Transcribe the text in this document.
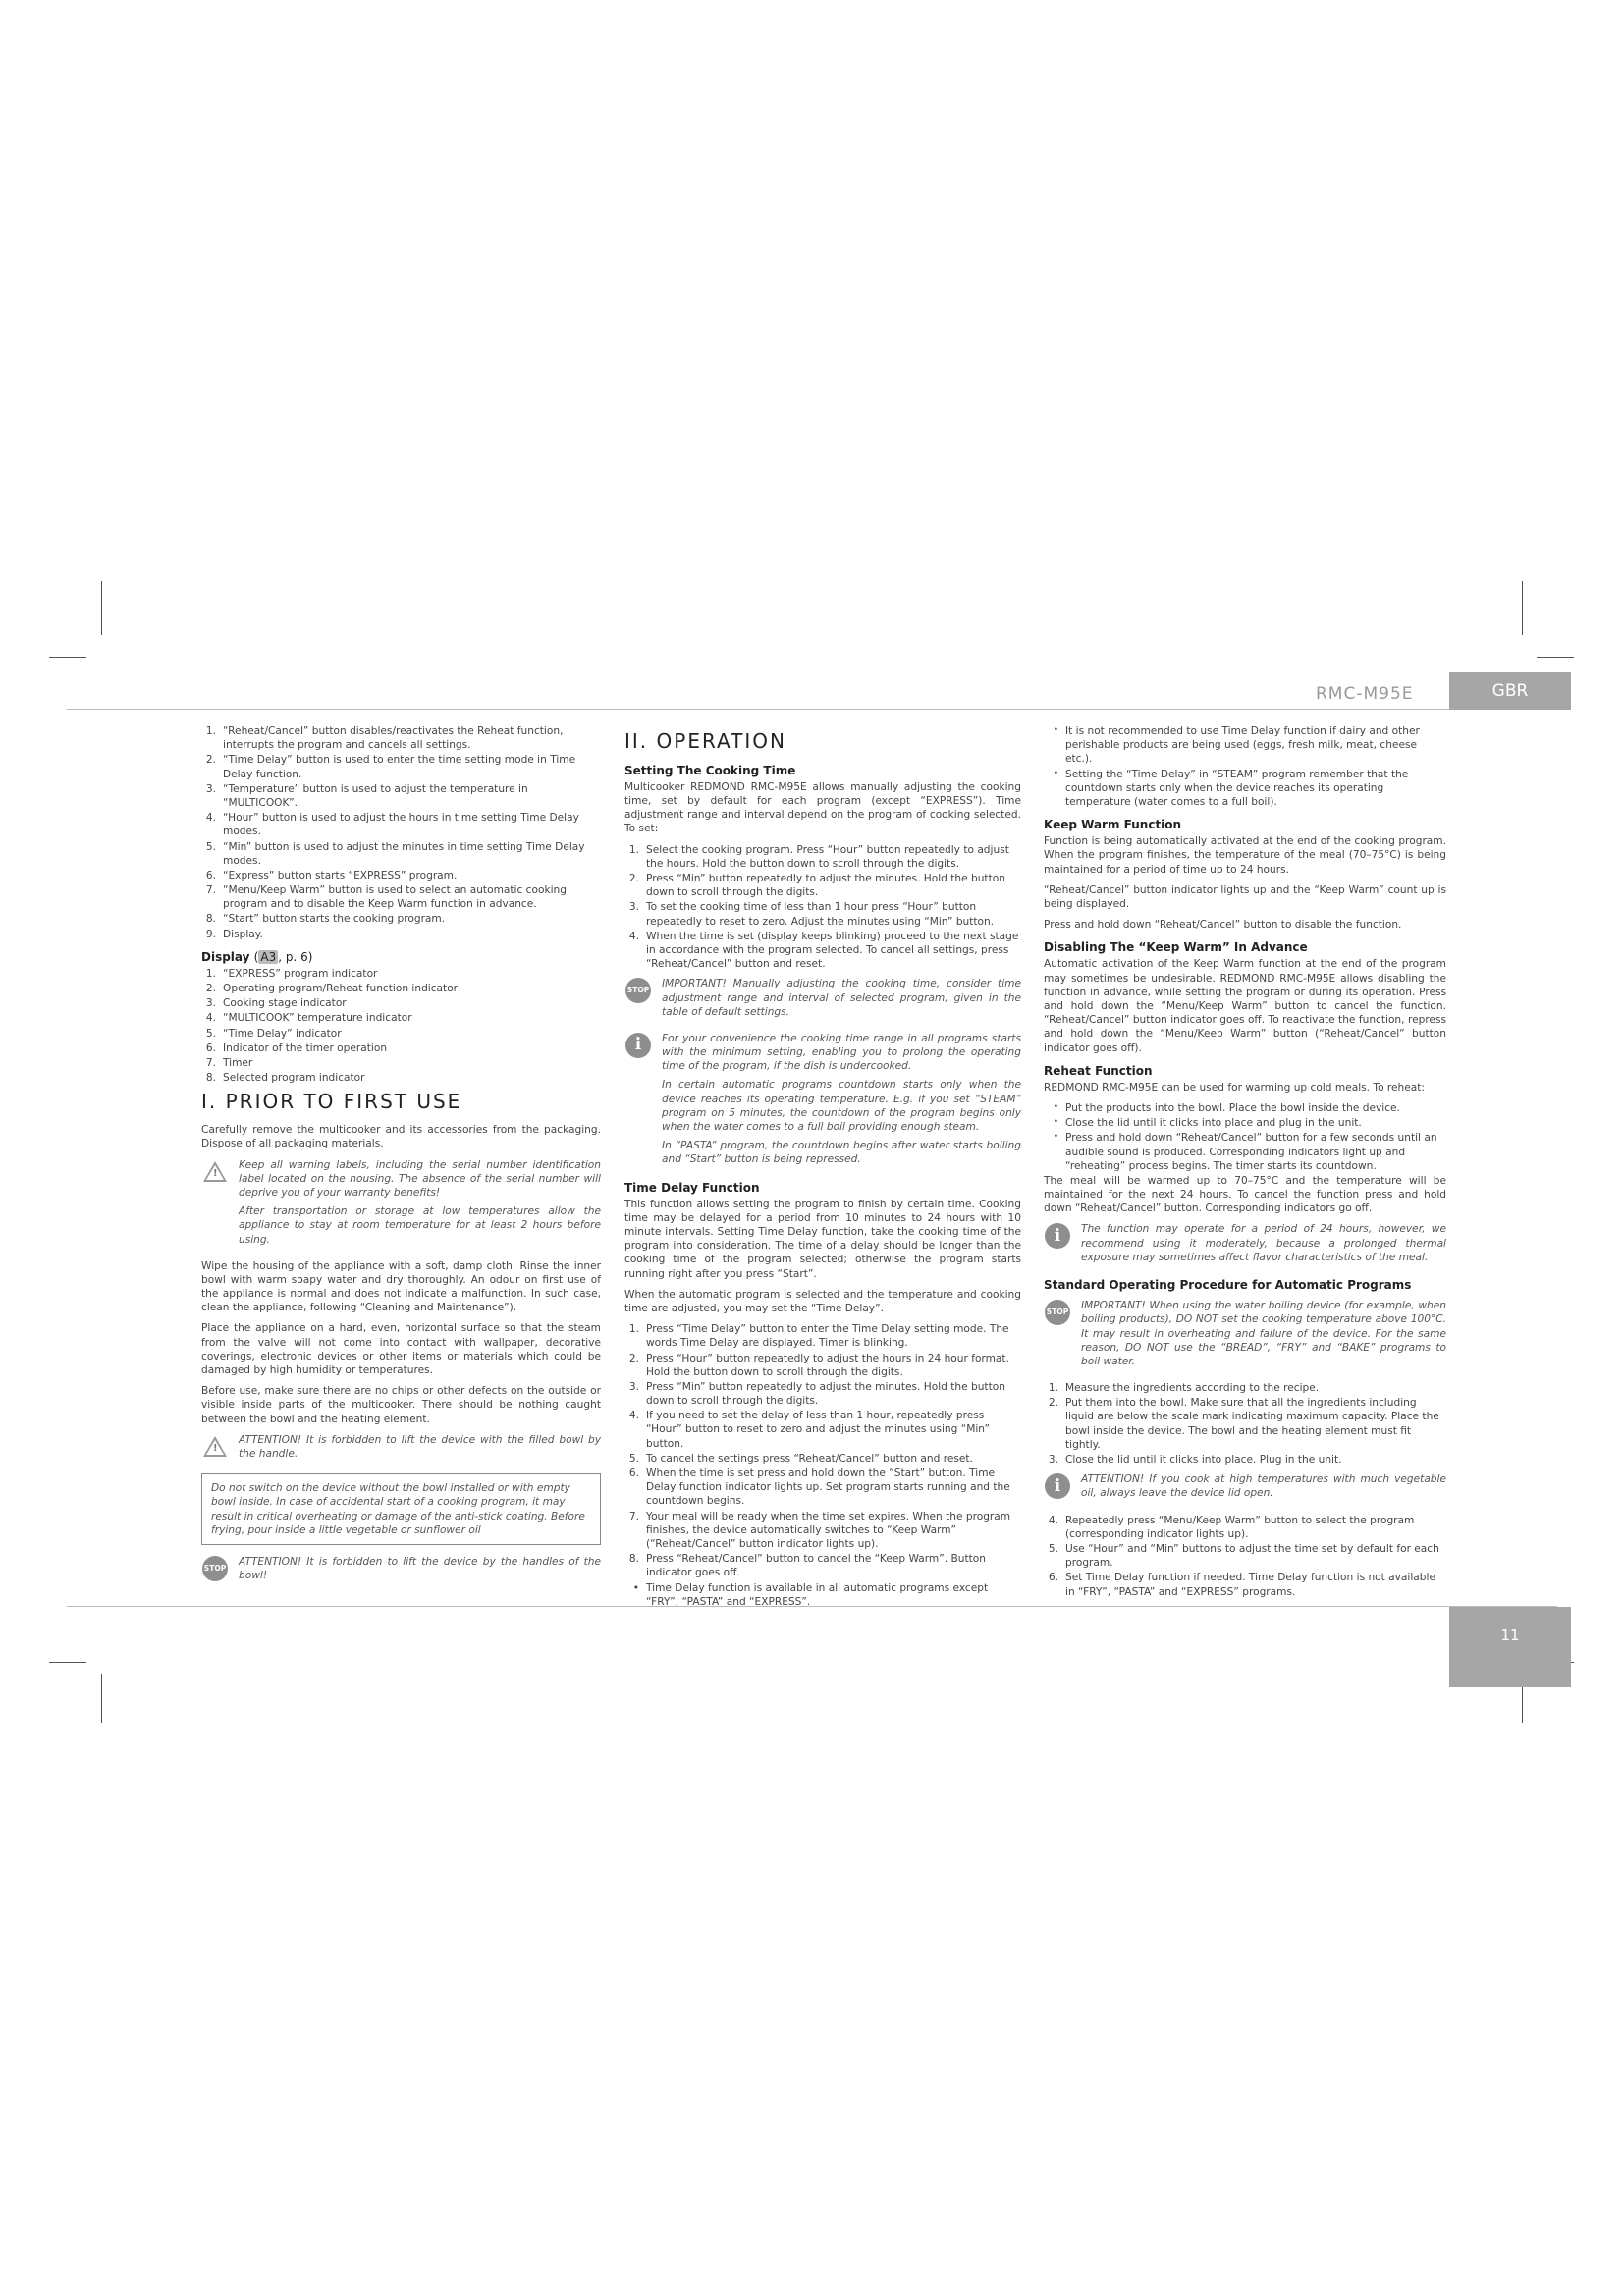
RMC-M95E	GBR
11
1. “Reheat/Cancel” button disables/reactivates the Reheat function, interrupts the program and cancels all settings.
2. “Time Delay” button is used to enter the time setting mode in Time Delay function.
3. “Temperature” button is used to adjust the temperature in “MULTICOOK”.
4. “Hour” button is used to adjust the hours in time setting Time Delay modes.
5. “Min” button is used to adjust the minutes in time setting Time Delay modes.
6. “Express” button starts “EXPRESS” program.
7. “Menu/Keep Warm” button is used to select an automatic cooking program and to disable the Keep Warm function in advance.
8. “Start” button starts the cooking program.
9. Display.
Display ( A3 , p. 6)
1. “EXPRESS” program indicator
2. Operating program/Reheat function indicator
3. Cooking stage indicator
4. “MULTICOOK” temperature indicator
5. “Time Delay” indicator
6. Indicator of the timer operation
7. Timer
8. Selected program indicator
I. PRIOR TO FIRST USE

Carefully remove the multicooker and its accessories from the packaging. Dispose of all packaging materials.

!

Keep all warning labels, including the serial number identification label located on the housing. The absence of the serial number will deprive you of your warranty benefits!

After transportation or storage at low temperatures allow the appliance to stay at room temperature for at least 2 hours before using.

Wipe the housing of the appliance with a soft, damp cloth. Rinse the inner bowl with warm soapy water and dry thoroughly. An odour on first use of the appliance is normal and does not indicate a malfunction. In such case, clean the appliance, following “Cleaning and Maintenance”).

Place the appliance on a hard, even, horizontal surface so that the steam from the valve will not come into contact with wallpaper, decorative coverings, electronic devices or other items or materials which could be damaged by high humidity or temperatures.

Before use, make sure there are no chips or other defects on the outside or visible inside parts of the multicooker. There should be nothing caught between the bowl and the heating element.

!

ATTENTION! It is forbidden to lift the device with the filled bowl by the handle.

Do not switch on the device without the bowl installed or with empty bowl inside. In case of accidental start of a cooking program, it may result in critical overheating or damage of the anti-stick coating. Before frying, pour inside a little vegetable or sunflower oil
STOP

ATTENTION! It is forbidden to lift the device by the handles of the bowl!

II. OPERATION
Setting The Cooking Time

Multicooker REDMOND RMC-M95E allows manually adjusting the cooking time, set by default for each program (except “EXPRESS”). Time adjustment range and interval depend on the program of cooking selected. To set:

1. Select the cooking program. Press “Hour” button repeatedly to adjust the hours. Hold the button down to scroll through the digits.
2. Press “Min” button repeatedly to adjust the minutes. Hold the button down to scroll through the digits.
3. To set the cooking time of less than 1 hour press “Hour” button repeatedly to reset to zero. Adjust the minutes using “Min” button.
4. When the time is set (display keeps blinking) proceed to the next stage in accordance with the program selected. To cancel all settings, press “Reheat/Cancel” button and reset.
STOP

IMPORTANT! Manually adjusting the cooking time, consider time adjustment range and interval of selected program, given in the table of default settings.

i	For your convenience the cooking time range in all programs starts with the minimum setting, enabling you to prolong the operating time of the program, if the dish is undercooked.

In certain automatic programs countdown starts only when the device reaches its operating temperature. E.g. if you set “STEAM” program on 5 minutes, the countdown of the program begins only when the water comes to a full boil providing enough steam.

In “PASTA” program, the countdown begins after water starts boiling and “Start” button is being repressed.

Time Delay Function

This function allows setting the program to finish by certain time. Cooking time may be delayed for a period from 10 minutes to 24 hours with 10 minute intervals. Setting Time Delay function, take the cooking time of the program into consideration. The time of a delay should be longer than the cooking time of the program selected; otherwise the program starts running right after you press “Start”.

When the automatic program is selected and the temperature and cooking time are adjusted, you may set the “Time Delay”.

1. Press “Time Delay” button to enter the Time Delay setting mode. The words Time Delay are displayed. Timer is blinking.
2. Press “Hour” button repeatedly to adjust the hours in 24 hour format. Hold the button down to scroll through the digits.
3. Press “Min” button repeatedly to adjust the minutes. Hold the button down to scroll through the digits.
4. If you need to set the delay of less than 1 hour, repeatedly press “Hour” button to reset to zero and adjust the minutes using “Min” button.
5. To cancel the settings press “Reheat/Cancel” button and reset.
6. When the time is set press and hold down the “Start” button. Time Delay function indicator lights up. Set program starts running and the countdown begins.
7. Your meal will be ready when the time set expires. When the program finishes, the device automatically switches to “Keep Warm” (“Reheat/Cancel” button indicator lights up).
8. Press “Reheat/Cancel” button to cancel the “Keep Warm”. Button indicator goes off.
• Time Delay function is available in all automatic programs except “FRY”, “PASTA” and “EXPRESS”.
• It is not recommended to use Time Delay function if dairy and other perishable products are being used (eggs, fresh milk, meat, cheese etc.).
• Setting the “Time Delay” in “STEAM” program remember that the countdown starts only when the device reaches its operating temperature (water comes to a full boil).
Keep Warm Function

Function is being automatically activated at the end of the cooking program. When the program finishes, the temperature of the meal (70–75°C) is being maintained for a period of time up to 24 hours.

“Reheat/Cancel” button indicator lights up and the “Keep Warm” count up is being displayed.

Press and hold down “Reheat/Cancel” button to disable the function.

Disabling The “Keep Warm” In Advance

Automatic activation of the Keep Warm function at the end of the program may sometimes be undesirable. REDMOND RMC-M95E allows disabling the function in advance, while setting the program or during its operation. Press and hold down the “Menu/Keep Warm” button to cancel the function. “Reheat/Cancel” button indicator goes off. To reactivate the function, repress and hold down the “Menu/Keep Warm” button (“Reheat/Cancel” button indicator goes off).

Reheat Function

REDMOND RMC-M95E can be used for warming up cold meals. To reheat:

• Put the products into the bowl. Place the bowl inside the device.
• Close the lid until it clicks into place and plug in the unit.
• Press and hold down “Reheat/Cancel” button for a few seconds until an audible sound is produced. Corresponding indicators light up and “reheating” process begins. The timer starts its countdown.

The meal will be warmed up to 70–75°C and the temperature will be maintained for the next 24 hours. To cancel the function press and hold down “Reheat/Cancel” button. Corresponding indicators go off.

i	The function may operate for a period of 24 hours, however, we recommend using it moderately, because a prolonged thermal exposure may sometimes affect flavor characteristics of the meal.

Standard Operating Procedure for Automatic Programs
STOP

IMPORTANT! When using the water boiling device (for example, when boiling products), DO NOT set the cooking temperature above 100°C. It may result in overheating and failure of the device. For the same reason, DO NOT use the “BREAD”, “FRY” and “BAKE” programs to boil water.

1. Measure the ingredients according to the recipe.
2. Put them into the bowl. Make sure that all the ingredients including liquid are below the scale mark indicating maximum capacity. Place the bowl inside the device. The bowl and the heating element must fit tightly.
3. Close the lid until it clicks into place. Plug in the unit.
i	ATTENTION! If you cook at high temperatures with much vegetable oil, always leave the device lid open.

4. Repeatedly press “Menu/Keep Warm” button to select the program (corresponding indicator lights up).
5. Use “Hour” and “Min” buttons to adjust the time set by default for each program.
6. Set Time Delay function if needed. Time Delay function is not available in “FRY”, “PASTA” and “EXPRESS” programs.
